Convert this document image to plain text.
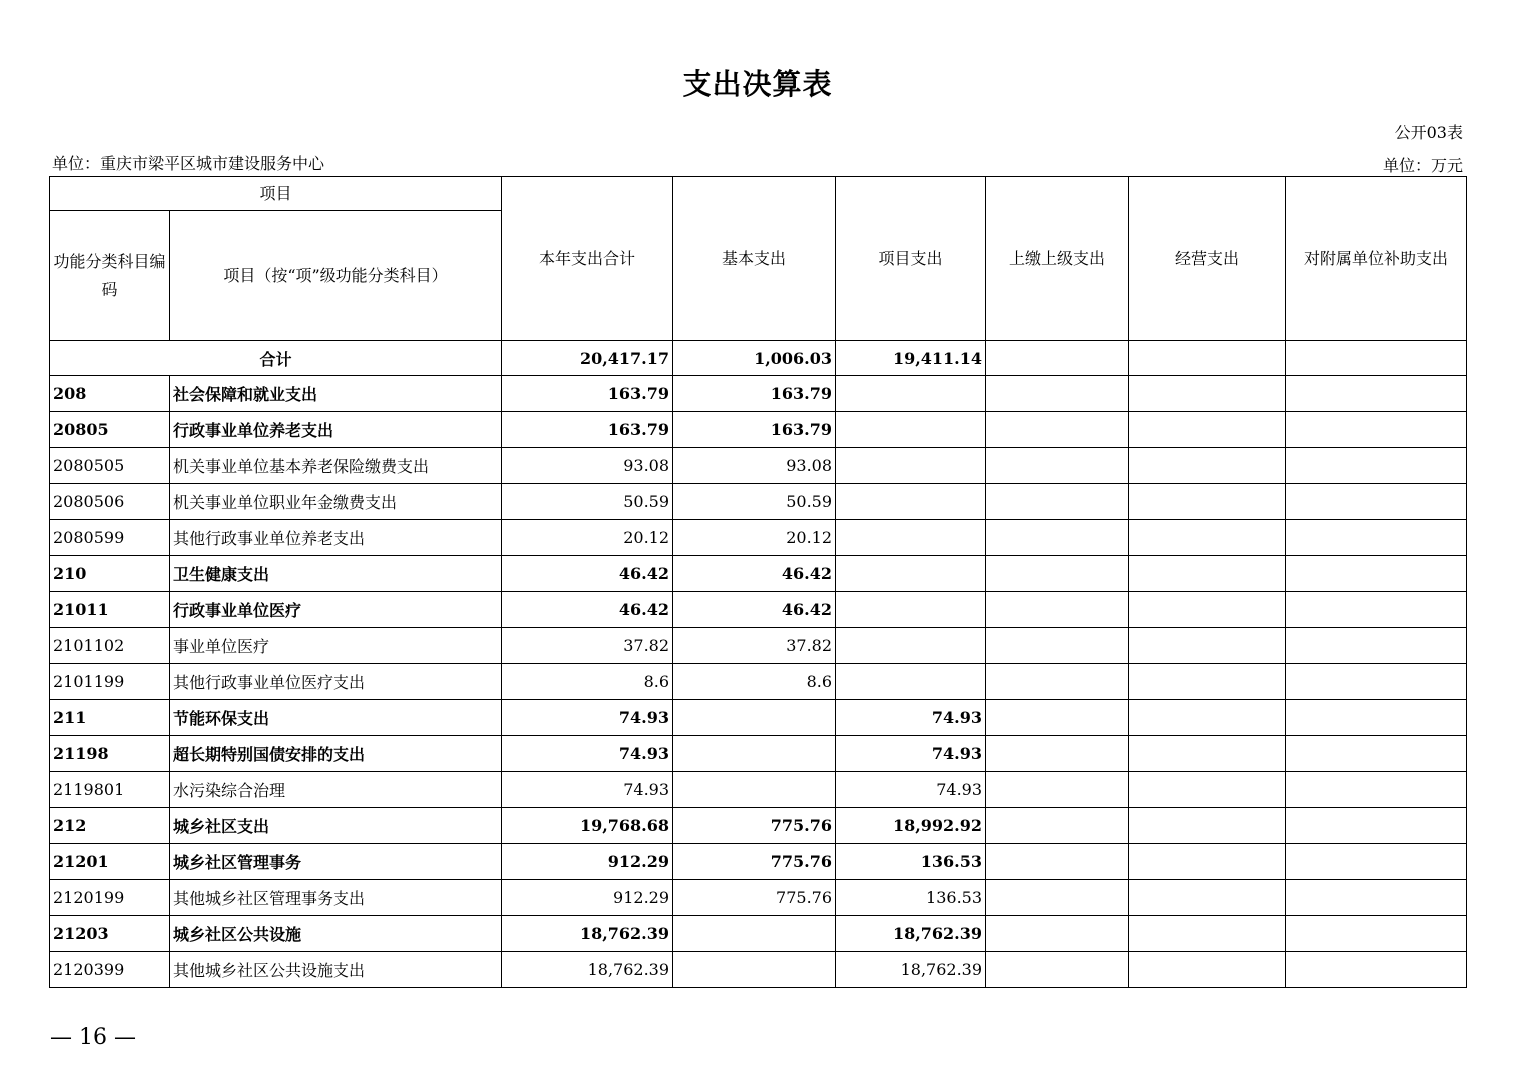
支出决算表
公开03表
单位：重庆市梁平区城市建设服务中心	单位：万元
项目		本年支出合计	基本支出	项目支出	上缴上级支出	经营支出	对附属单位补助支出
功能分类科目编码	项目（按“项”级功能分类科目）						
合计		20,417.17	1,006.03	19,411.14			
208	社会保障和就业支出	163.79	163.79				
20805	行政事业单位养老支出	163.79	163.79				
2080505	机关事业单位基本养老保险缴费支出	93.08	93.08				
2080506	机关事业单位职业年金缴费支出	50.59	50.59				
2080599	其他行政事业单位养老支出	20.12	20.12				
210	卫生健康支出	46.42	46.42				
21011	行政事业单位医疗	46.42	46.42				
2101102	事业单位医疗	37.82	37.82				
2101199	其他行政事业单位医疗支出	8.6	8.6				
211	节能环保支出	74.93		74.93			
21198	超长期特别国债安排的支出	74.93		74.93			
2119801	水污染综合治理	74.93		74.93			
212	城乡社区支出	19,768.68	775.76	18,992.92			
21201	城乡社区管理事务	912.29	775.76	136.53			
2120199	其他城乡社区管理事务支出	912.29	775.76	136.53			
21203	城乡社区公共设施	18,762.39		18,762.39			
2120399	其他城乡社区公共设施支出	18,762.39		18,762.39			
— 16 —
